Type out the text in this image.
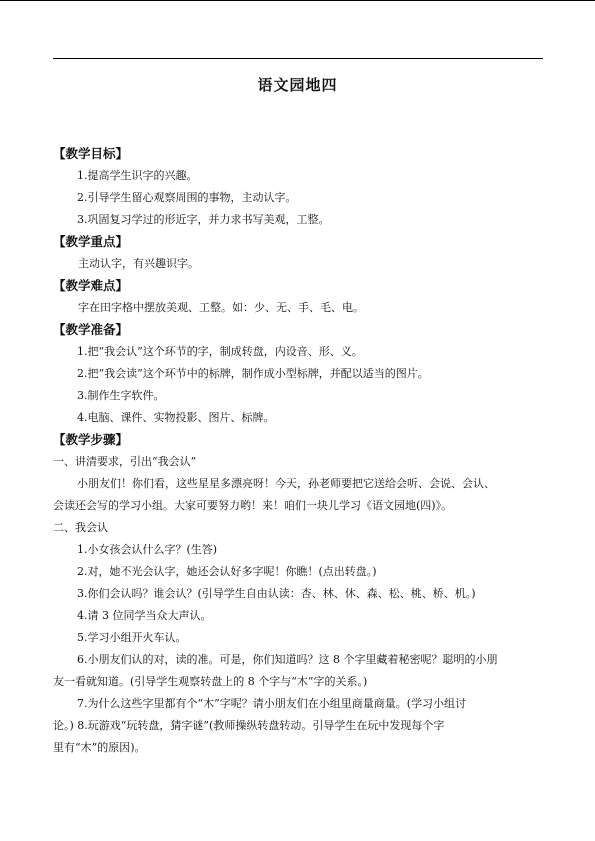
语文园地四
【教学目标】
1.提高学生识字的兴趣。
2.引导学生留心观察周围的事物，主动认字。
3.巩固复习学过的形近字，并力求书写美观，工整。
【教学重点】
主动认字，有兴趣识字。
【教学难点】
字在田字格中摆放美观、工整。如：少、无、手、毛、电。
【教学准备】
1.把“我会认”这个环节的字，制成转盘，内设音、形、义。
2.把“我会读”这个环节中的标牌，制作成小型标牌，并配以适当的图片。
3.制作生字软件。
4.电脑、课件、实物投影、图片、标牌。
【教学步骤】
一、讲清要求，引出“我会认”
小朋友们！你们看，这些星星多漂亮呀！今天，孙老师要把它送给会听、会说、会认、
会读还会写的学习小组。大家可要努力哟！来！咱们一块儿学习《语文园地(四)》。
二、我会认
1.小女孩会认什么字？(生答)
2.对，她不光会认字，她还会认好多字呢！你瞧！(点出转盘。)
3.你们会认吗？谁会认？(引导学生自由认读：杏、林、休、森、松、桃、桥、机。)
4.请 3 位同学当众大声认。
5.学习小组开火车认。
6.小朋友们认的对，读的准。可是，你们知道吗？这 8 个字里藏着秘密呢？聪明的小朋
友一看就知道。(引导学生观察转盘上的 8 个字与“木”字的关系。)
7.为什么这些字里都有个“木”字呢？请小朋友们在小组里商量商量。(学习小组讨
论。) 8.玩游戏“玩转盘，猜字谜”(教师操纵转盘转动。引导学生在玩中发现每个字
里有“木”的原因)。
